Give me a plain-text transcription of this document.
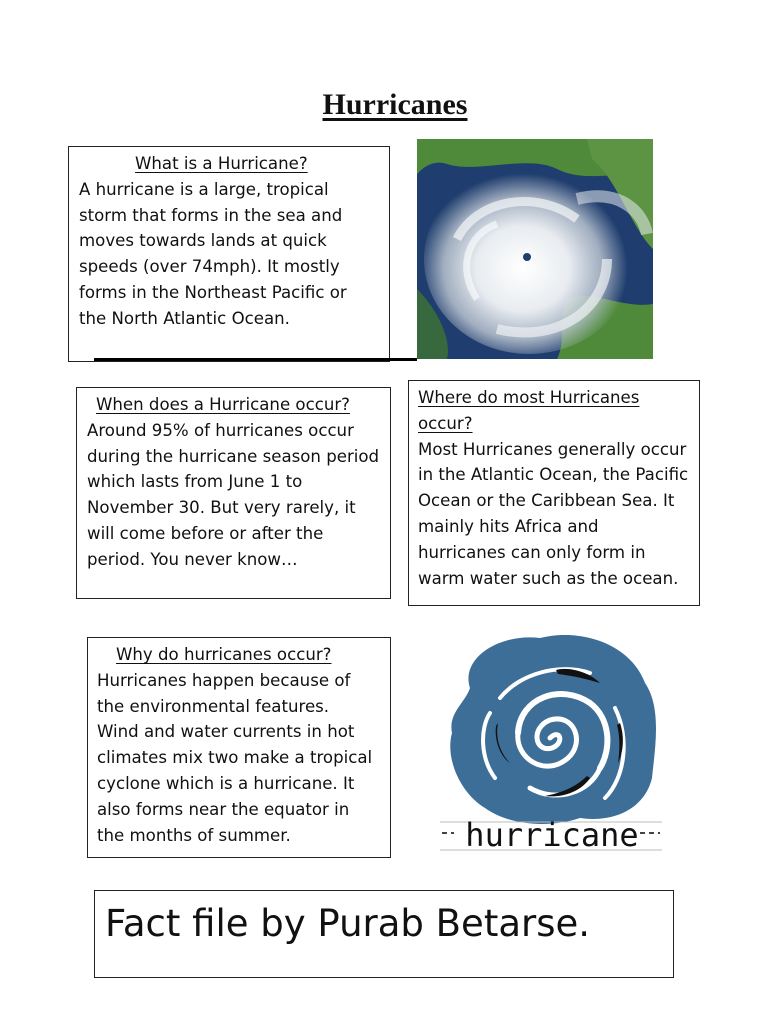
Hurricanes

What is a Hurricane?

A hurricane is a large, tropical

storm that forms in the sea and

moves towards lands at quick

speeds (over 74mph). It mostly

forms in the Northeast Pacific or

the North Atlantic Ocean.

When does a Hurricane occur?

Around 95% of hurricanes occur

during the hurricane season period

which lasts from June 1 to

November 30. But very rarely, it

will come before or after the

period. You never know…

Where do most Hurricanes

occur?

Most Hurricanes generally occur

in the Atlantic Ocean, the Pacific

Ocean or the Caribbean Sea. It

mainly hits Africa and

hurricanes can only form in

warm water such as the ocean.

Why do hurricanes occur?

Hurricanes happen because of

the environmental features.

Wind and water currents in hot

climates mix two make a tropical

cyclone which is a hurricane. It

also forms near the equator in

the months of summer.	hurricane
Fact file by Purab Betarse.
